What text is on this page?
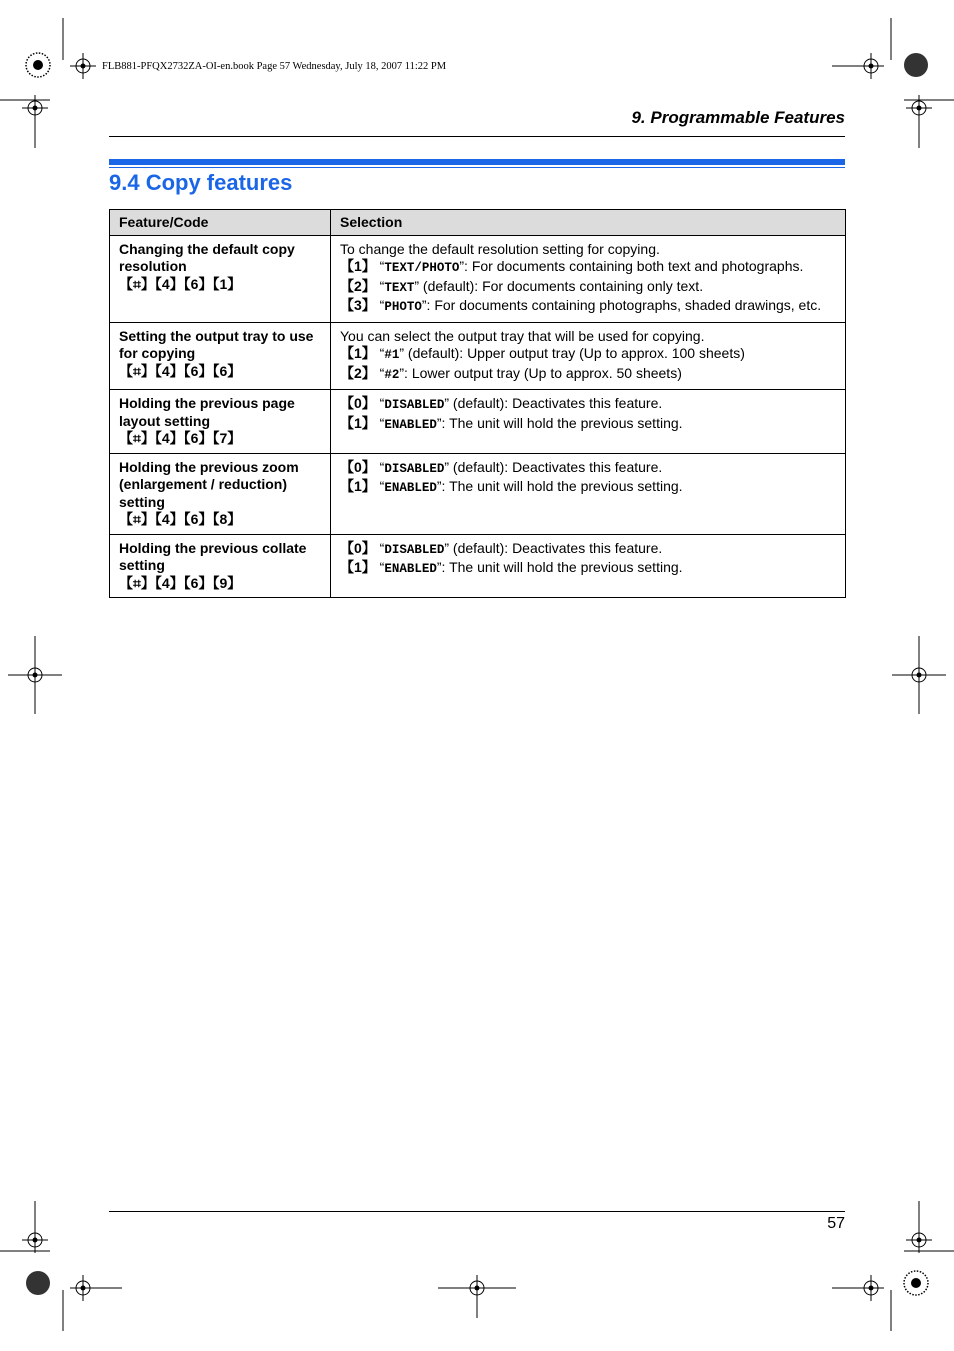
FLB881-PFQX2732ZA-OI-en.book Page 57 Wednesday, July 18, 2007 11:22 PM
9. Programmable Features
9.4 Copy features
Feature/Code	Selection

Changing the default copy resolution
【⌗】【4】【6】【1】	To change the default resolution setting for copying.
【1】 “TEXT/PHOTO”: For documents containing both text and photographs.
【2】 “TEXT” (default): For documents containing only text.
【3】 “PHOTO”: For documents containing photographs, shaded drawings, etc.

Setting the output tray to use for copying
【⌗】【4】【6】【6】	You can select the output tray that will be used for copying.
【1】 “#1” (default): Upper output tray (Up to approx. 100 sheets)
【2】 “#2”: Lower output tray (Up to approx. 50 sheets)

Holding the previous page layout setting
【⌗】【4】【6】【7】	【0】 “DISABLED” (default): Deactivates this feature.
【1】 “ENABLED”: The unit will hold the previous setting.

Holding the previous zoom (enlargement / reduction) setting
【⌗】【4】【6】【8】	【0】 “DISABLED” (default): Deactivates this feature.
【1】 “ENABLED”: The unit will hold the previous setting.

Holding the previous collate setting
【⌗】【4】【6】【9】	【0】 “DISABLED” (default): Deactivates this feature.
【1】 “ENABLED”: The unit will hold the previous setting.
57
